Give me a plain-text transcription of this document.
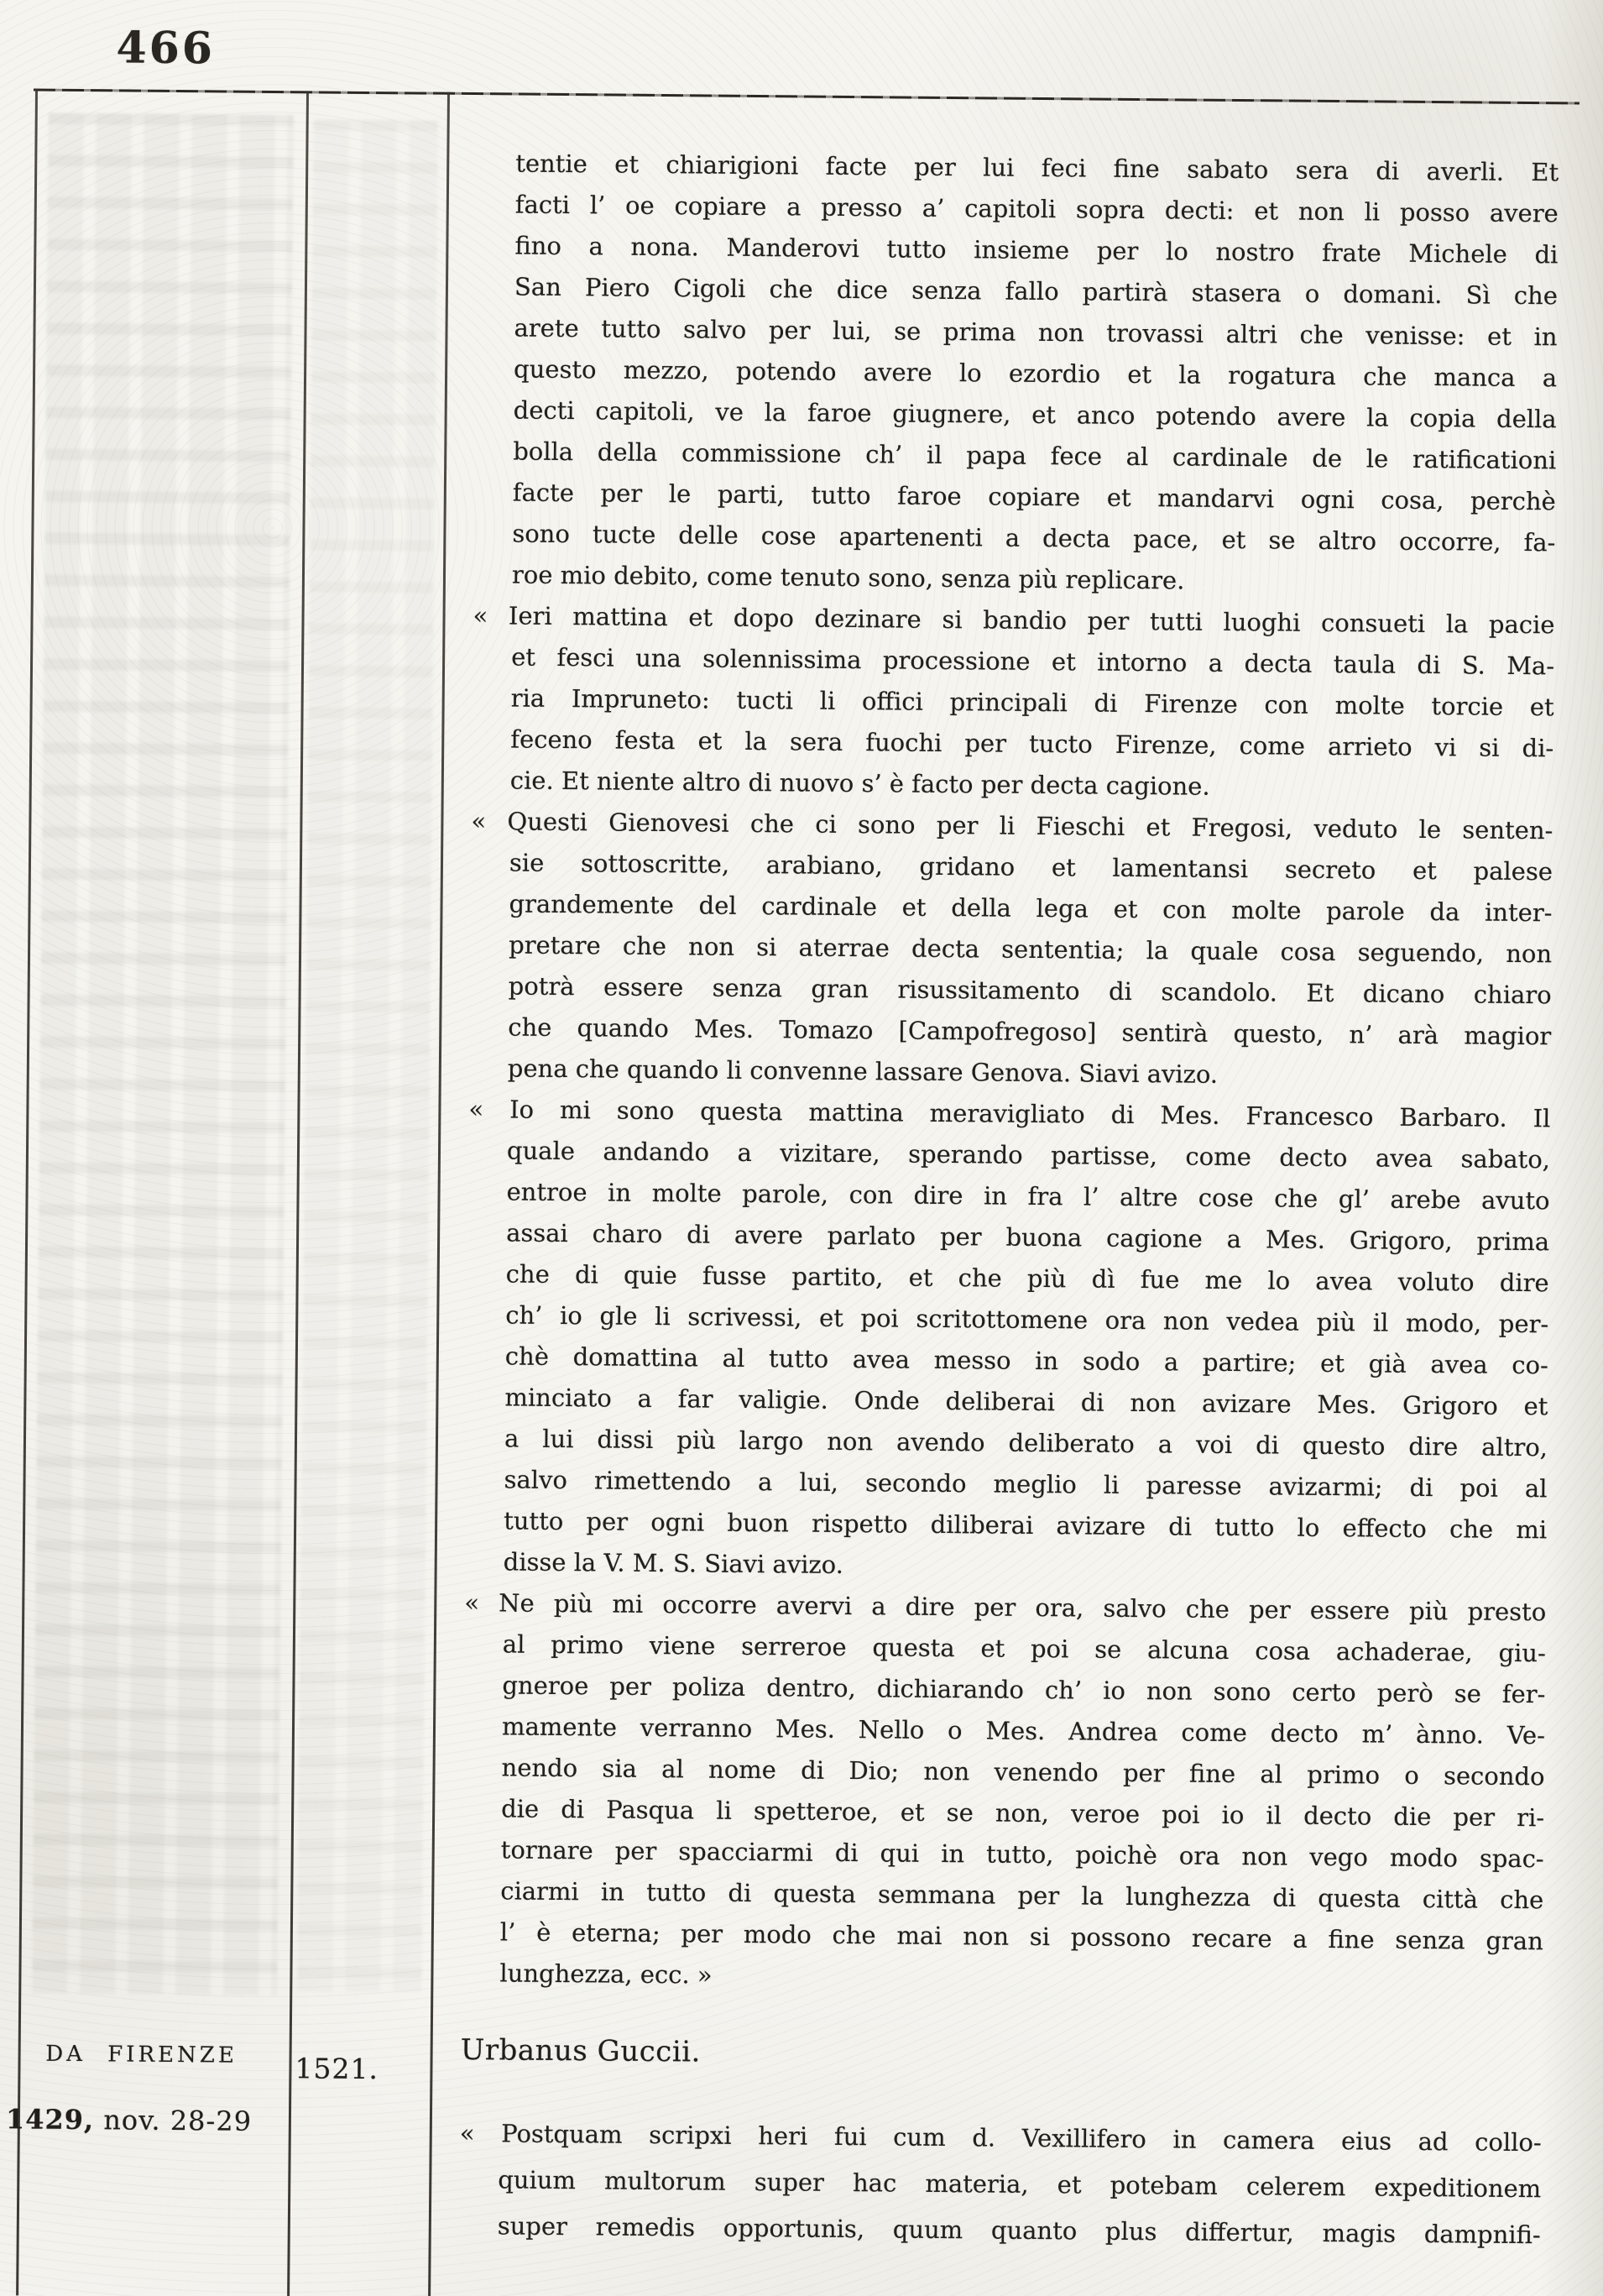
466
tentie et chiarigioni facte per lui feci fine sabato sera di averli. Et
facti l’ oe copiare a presso a’ capitoli sopra decti: et non li posso avere
fino a nona. Manderovi tutto insieme per lo nostro frate Michele di
San Piero Cigoli che dice senza fallo partirà stasera o domani. Sì che
arete tutto salvo per lui, se prima non trovassi altri che venisse: et in
questo mezzo, potendo avere lo ezordio et la rogatura che manca a
decti capitoli, ve la faroe giugnere, et anco potendo avere la copia della
bolla della commissione ch’ il papa fece al cardinale de le ratificationi
facte per le parti, tutto faroe copiare et mandarvi ogni cosa, perchè
sono tucte delle cose apartenenti a decta pace, et se altro occorre, fa-
roe mio debito, come tenuto sono, senza più replicare.
« Ieri mattina et dopo dezinare si bandio per tutti luoghi consueti la pacie
et fesci una solennissima processione et intorno a decta taula di S. Ma-
ria Impruneto: tucti li offici principali di Firenze con molte torcie et
feceno festa et la sera fuochi per tucto Firenze, come arrieto vi si di-
cie. Et niente altro di nuovo s’ è facto per decta cagione.
« Questi Gienovesi che ci sono per li Fieschi et Fregosi, veduto le senten-
sie sottoscritte, arabiano, gridano et lamentansi secreto et palese
grandemente del cardinale et della lega et con molte parole da inter-
pretare che non si aterrae decta sententia; la quale cosa seguendo, non
potrà essere senza gran risussitamento di scandolo. Et dicano chiaro
che quando Mes. Tomazo [Campofregoso] sentirà questo, n’ arà magior
pena che quando li convenne lassare Genova. Siavi avizo.
« Io mi sono questa mattina meravigliato di Mes. Francesco Barbaro. Il
quale andando a vizitare, sperando partisse, come decto avea sabato,
entroe in molte parole, con dire in fra l’ altre cose che gl’ arebe avuto
assai charo di avere parlato per buona cagione a Mes. Grigoro, prima
che di quie fusse partito, et che più dì fue me lo avea voluto dire
ch’ io gle li scrivessi, et poi scritottomene ora non vedea più il modo, per-
chè domattina al tutto avea messo in sodo a partire; et già avea co-
minciato a far valigie. Onde deliberai di non avizare Mes. Grigoro et
a lui dissi più largo non avendo deliberato a voi di questo dire altro,
salvo rimettendo a lui, secondo meglio li paresse avizarmi; di poi al
tutto per ogni buon rispetto diliberai avizare di tutto lo effecto che mi
disse la V. M. S. Siavi avizo.
« Ne più mi occorre avervi a dire per ora, salvo che per essere più presto
al primo viene serreroe questa et poi se alcuna cosa achaderae, giu-
gneroe per poliza dentro, dichiarando ch’ io non sono certo però se fer-
mamente verranno Mes. Nello o Mes. Andrea come decto m’ ànno. Ve-
nendo sia al nome di Dio; non venendo per fine al primo o secondo
die di Pasqua li spetteroe, et se non, veroe poi io il decto die per ri-
tornare per spacciarmi di qui in tutto, poichè ora non vego modo spac-
ciarmi in tutto di questa semmana per la lunghezza di questa città che
l’ è eterna; per modo che mai non si possono recare a fine senza gran
lunghezza, ecc. »
DA FIRENZE
1429, nov. 28-29
1521.	Urbanus Guccii.
« Postquam scripxi heri fui cum d. Vexillifero in camera eius ad collo-
quium multorum super hac materia, et potebam celerem expeditionem
super remedis opportunis, quum quanto plus differtur, magis dampnifi-
